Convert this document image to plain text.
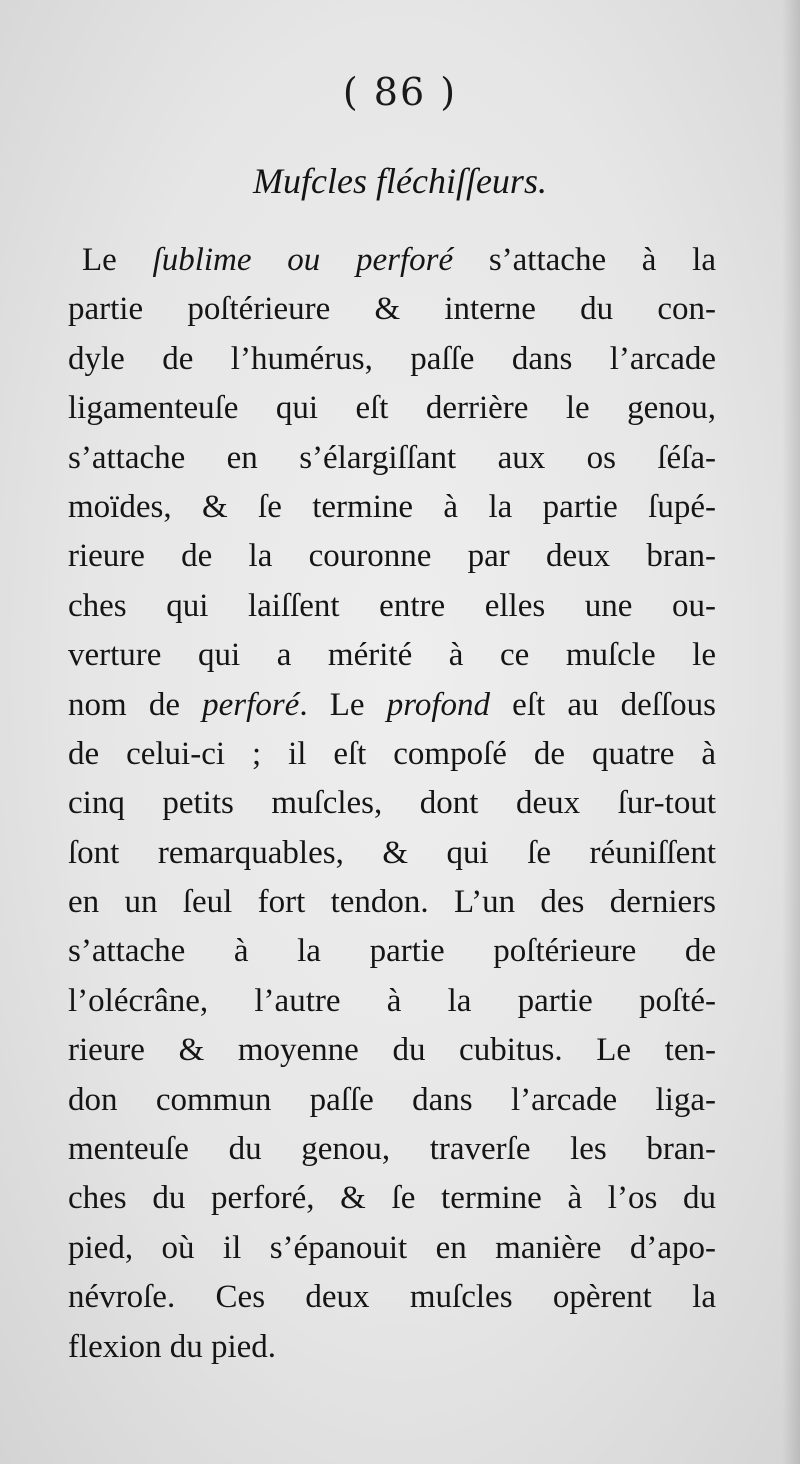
( 86 )
Mufcles fléchiſſeurs.
Le ſublime ou perforé s’attache à la
partie poſtérieure & interne du con-
dyle de l’humérus, paſſe dans l’arcade
ligamenteuſe qui eſt derrière le genou,
s’attache en s’élargiſſant aux os ſéſa-
moïdes, & ſe termine à la partie ſupé-
rieure de la couronne par deux bran-
ches qui laiſſent entre elles une ou-
verture qui a mérité à ce muſcle le
nom de perforé. Le profond eſt au deſſous
de celui-ci ; il eſt compoſé de quatre à
cinq petits muſcles, dont deux ſur-tout
ſont remarquables, & qui ſe réuniſſent
en un ſeul fort tendon. L’un des derniers
s’attache à la partie poſtérieure de
l’olécrâne, l’autre à la partie poſté-
rieure & moyenne du cubitus. Le ten-
don commun paſſe dans l’arcade liga-
menteuſe du genou, traverſe les bran-
ches du perforé, & ſe termine à l’os du
pied, où il s’épanouit en manière d’apo-
névroſe. Ces deux muſcles opèrent la
flexion du pied.
